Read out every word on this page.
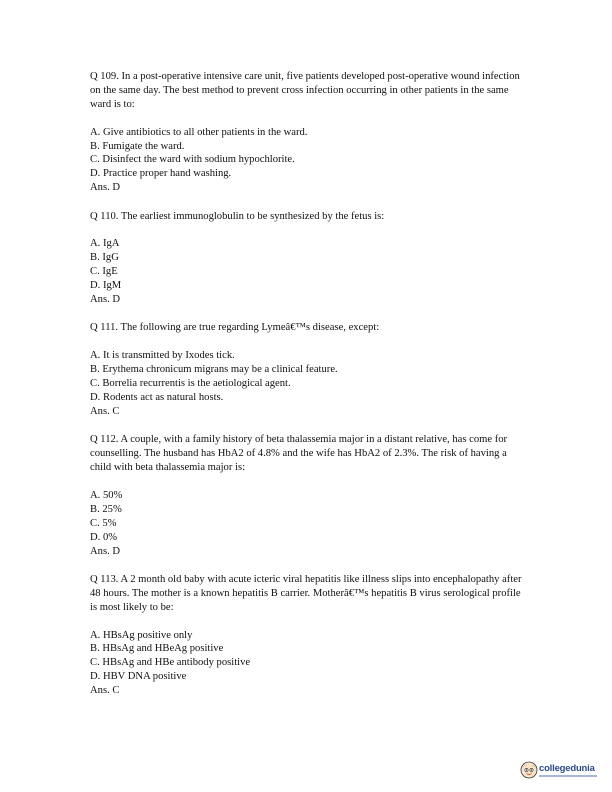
Q 109. In a post-operative intensive care unit, five patients developed post-operative wound infection on the same day. The best method to prevent cross infection occurring in other patients in the same ward is to:

A. Give antibiotics to all other patients in the ward.
B. Fumigate the ward.
C. Disinfect the ward with sodium hypochlorite.
D. Practice proper hand washing.

Ans. D

Q 110. The earliest immunoglobulin to be synthesized by the fetus is:

A. IgA
B. IgG
C. IgE
D. IgM

Ans. D

Q 111. The following are true regarding Lymeâ€™s disease, except:

A. It is transmitted by Ixodes tick.
B. Erythema chronicum migrans may be a clinical feature.
C. Borrelia recurrentis is the aetiological agent.
D. Rodents act as natural hosts.

Ans. C

Q 112. A couple, with a family history of beta thalassemia major in a distant relative, has come for counselling. The husband has HbA2 of 4.8% and the wife has HbA2 of 2.3%. The risk of having a child with beta thalassemia major is:

A. 50%
B. 25%
C. 5%
D. 0%

Ans. D

Q 113. A 2 month old baby with acute icteric viral hepatitis like illness slips into encephalopathy after 48 hours. The mother is a known hepatitis B carrier. Motherâ€™s hepatitis B virus serological profile is most likely to be:

A. HBsAg positive only
B. HBsAg and HBeAg positive
C. HBsAg and HBe antibody positive
D. HBV DNA positive

Ans. C

collegedunia
